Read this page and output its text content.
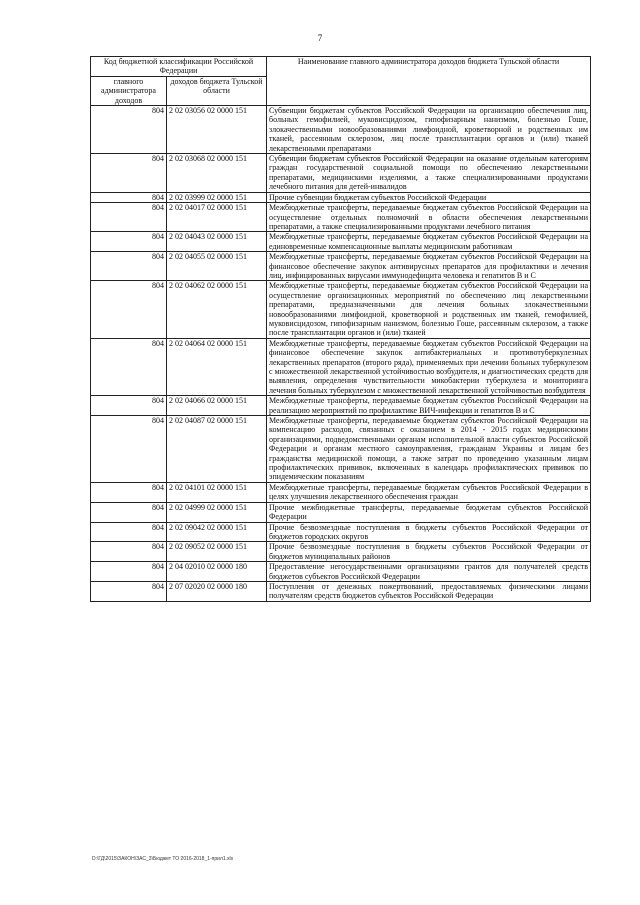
7
Код бюджетной классификации Российской Федерации		Наименование главного администратора доходов бюджета Тульской области
главного администратора доходов	доходов бюджета Тульской области	
804	2 02 03056 02 0000 151	Субвенции бюджетам субъектов Российской Федерации на организацию обеспечения лиц, больных гемофилией, муковисцидозом, гипофизарным нанизмом, болезнью Гоше, злокачественными новообразованиями лимфоидной, кроветворной и родственных им тканей, рассеянным склерозом, лиц после трансплантации органов и (или) тканей лекарственными препаратами
804	2 02 03068 02 0000 151	Субвенции бюджетам субъектов Российской Федерации на оказание отдельным категориям граждан государственной социальной помощи по обеспечению лекарственными препаратами, медицинскими изделиями, а также специализированными продуктами лечебного питания для детей-инвалидов
804	2 02 03999 02 0000 151	Прочие субвенции бюджетам субъектов Российской Федерации
804	2 02 04017 02 0000 151	Межбюджетные трансферты, передаваемые бюджетам субъектов Российской Федерации на осуществление отдельных полномочий в области обеспечения лекарственными препаратами, а также специализированными продуктами лечебного питания
804	2 02 04043 02 0000 151	Межбюджетные трансферты, передаваемые бюджетам субъектов Российской Федерации на единовременные компенсационные выплаты медицинским работникам
804	2 02 04055 02 0000 151	Межбюджетные трансферты, передаваемые бюджетам субъектов Российской Федерации на финансовое обеспечение закупок антивирусных препаратов для профилактики и лечения лиц, инфицированных вирусами иммунодефицита человека и гепатитов В и С
804	2 02 04062 02 0000 151	Межбюджетные трансферты, передаваемые бюджетам субъектов Российской Федерации на осуществление организационных мероприятий по обеспечению лиц лекарственными препаратами, предназначенными для лечения больных злокачественными новообразованиями лимфоидной, кроветворной и родственных им тканей, гемофилией, муковисцидозом, гипофизарным нанизмом, болезнью Гоше, рассеянным склерозом, а также после трансплантации органов и (или) тканей
804	2 02 04064 02 0000 151	Межбюджетные трансферты, передаваемые бюджетам субъектов Российской Федерации на финансовое обеспечение закупок антибактериальных и противотуберкулезных лекарственных препаратов (второго ряда), применяемых при лечении больных туберкулезом с множественной лекарственной устойчивостью возбудителя, и диагностических средств для выявления, определения чувствительности микобактерии туберкулеза и мониторинга лечения больных туберкулезом с множественной лекарственной устойчивостью возбудителя
804	2 02 04066 02 0000 151	Межбюджетные трансферты, передаваемые бюджетам субъектов Российской Федерации на реализацию мероприятий по профилактике ВИЧ-инфекции и гепатитов В и С
804	2 02 04087 02 0000 151	Межбюджетные трансферты, передаваемые бюджетам субъектов Российской Федерации на компенсацию расходов, связанных с оказанием в 2014 - 2015 годах медицинскими организациями, подведомственными органам исполнительной власти субъектов Российской Федерации и органам местного самоуправления, гражданам Украины и лицам без гражданства медицинской помощи, а также затрат по проведению указанным лицам профилактических прививок, включенных в календарь профилактических прививок по эпидемическим показаниям
804	2 02 04101 02 0000 151	Межбюджетные трансферты, передаваемые бюджетам субъектов Российской Федерации в целях улучшения лекарственного обеспечения граждан
804	2 02 04999 02 0000 151	Прочие межбюджетные трансферты, передаваемые бюджетам субъектов Российской Федерации
804	2 02 09042 02 0000 151	Прочие безвозмездные поступления в бюджеты субъектов Российской Федерации от бюджетов городских округов
804	2 02 09052 02 0000 151	Прочие безвозмездные поступления в бюджеты субъектов Российской Федерации от бюджетов муниципальных районов
804	2 04 02010 02 0000 180	Предоставление негосударственными организациями грантов для получателей средств бюджетов субъектов Российской Федерации
804	2 07 02020 02 0000 180	Поступления от денежных пожертвований, предоставляемых физическими лицами получателям средств бюджетов субъектов Российской Федерации
D:\ГД\2015\ЗАКОН\ЗАС_3\Бюджет ТО 2016-2018_1-прил1.xls
